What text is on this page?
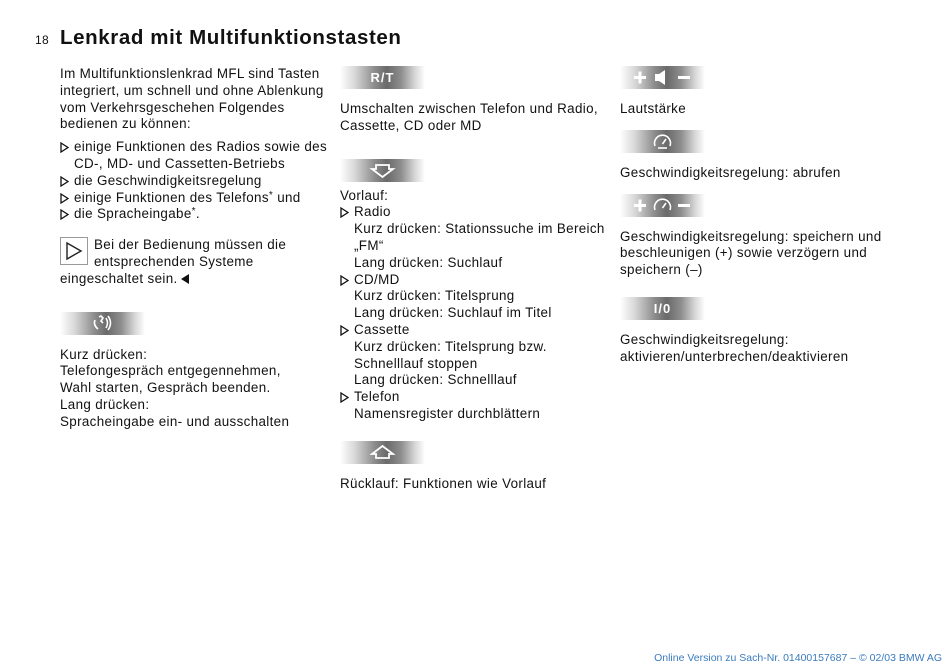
18 Lenkrad mit Multifunktionstasten

Im Multifunktionslenkrad MFL sind Tasten integriert, um schnell und ohne Ablenkung vom Verkehrsgeschehen Folgendes bedienen zu können:

einige Funktionen des Radios sowie des CD-, MD- und Cassetten-Betriebs
die Geschwindigkeitsregelung
einige Funktionen des Telefons* und
die Spracheingabe*.
Bei der Bedienung müssen die entsprechenden Systeme eingeschaltet sein.

Kurz drücken:

Telefongespräch entgegennehmen,

Wahl starten, Gespräch beenden.

Lang drücken:

Spracheingabe ein- und ausschalten

R/T

Umschalten zwischen Telefon und Radio, Cassette, CD oder MD

Vorlauf:

Radio
Kurz drücken: Stationssuche im Bereich „FM“
Lang drücken: Suchlauf
CD/MD
Kurz drücken: Titelsprung
Lang drücken: Suchlauf im Titel
Cassette
Kurz drücken: Titelsprung bzw. Schnelllauf stoppen
Lang drücken: Schnelllauf
Telefon
Namensregister durchblättern

Rücklauf: Funktionen wie Vorlauf

Lautstärke

Geschwindigkeitsregelung: abrufen

Geschwindigkeitsregelung: speichern und beschleunigen (+) sowie verzögern und speichern (–)

I/0

Geschwindigkeitsregelung: aktivieren/unterbrechen/deaktivieren

Online Version zu Sach-Nr. 01400157687 – © 02/03 BMW AG
